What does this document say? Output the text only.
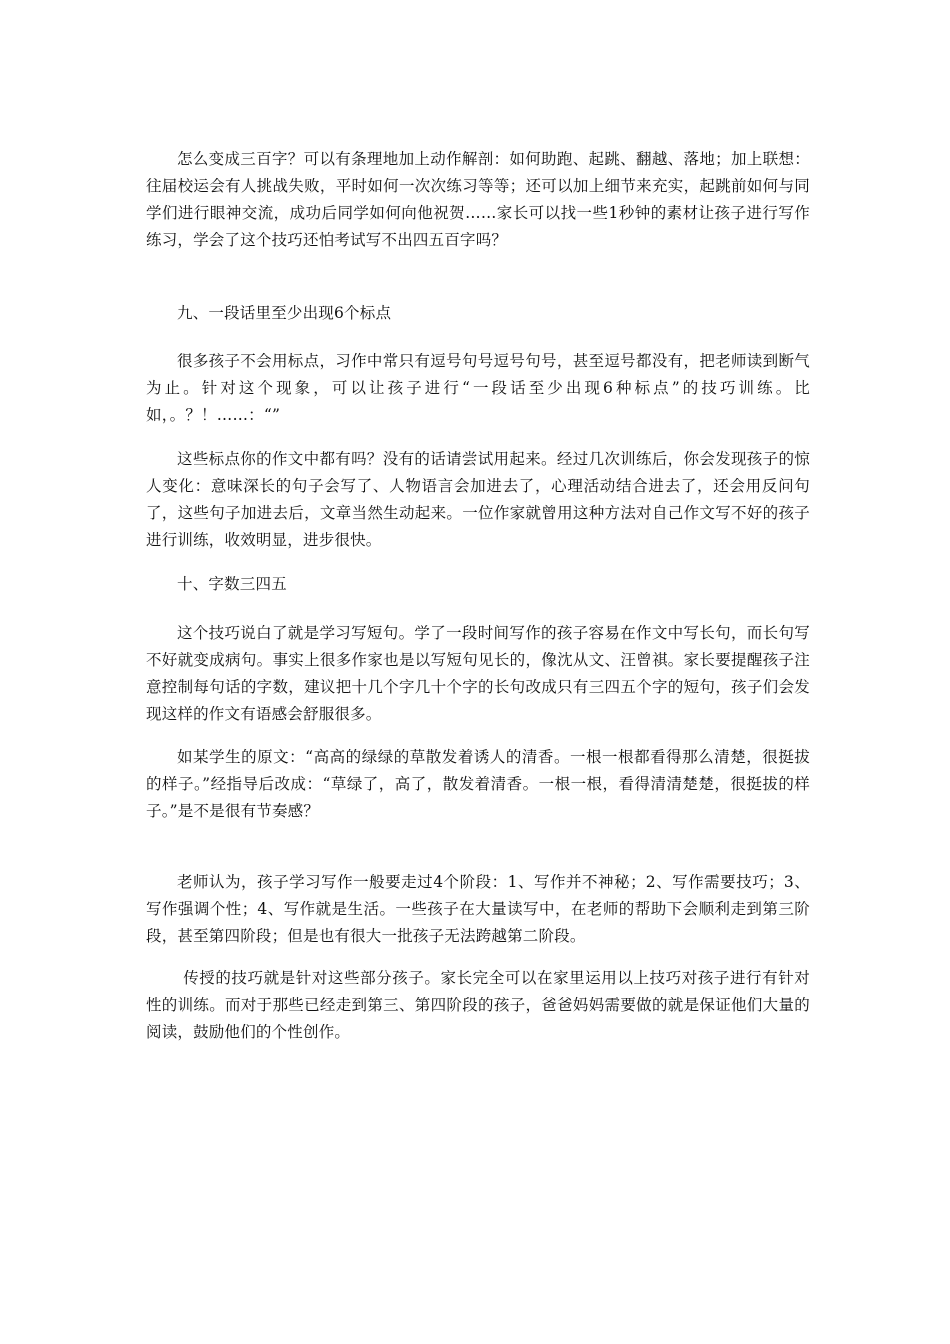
怎么变成三百字？可以有条理地加上动作解剖：如何助跑、起跳、翻越、落地；加上联想：往届校运会有人挑战失败，平时如何一次次练习等等；还可以加上细节来充实，起跳前如何与同学们进行眼神交流，成功后同学如何向他祝贺……家长可以找一些1秒钟的素材让孩子进行写作练习，学会了这个技巧还怕考试写不出四五百字吗？

九、一段话里至少出现6个标点

很多孩子不会用标点，习作中常只有逗号句号逗号句号，甚至逗号都没有，把老师读到断气为止。针对这个现象，可以让孩子进行“一段话至少出现6种标点”的技巧训练。比如，。？！……：“”

这些标点你的作文中都有吗？没有的话请尝试用起来。经过几次训练后，你会发现孩子的惊人变化：意味深长的句子会写了、人物语言会加进去了，心理活动结合进去了，还会用反问句了，这些句子加进去后，文章当然生动起来。一位作家就曾用这种方法对自己作文写不好的孩子进行训练，收效明显，进步很快。

十、字数三四五

这个技巧说白了就是学习写短句。学了一段时间写作的孩子容易在作文中写长句，而长句写不好就变成病句。事实上很多作家也是以写短句见长的，像沈从文、汪曾祺。家长要提醒孩子注意控制每句话的字数，建议把十几个字几十个字的长句改成只有三四五个字的短句，孩子们会发现这样的作文有语感会舒服很多。

如某学生的原文：“高高的绿绿的草散发着诱人的清香。一根一根都看得那么清楚，很挺拔的样子。”经指导后改成：“草绿了，高了，散发着清香。一根一根，看得清清楚楚，很挺拔的样子。”是不是很有节奏感？

老师认为，孩子学习写作一般要走过4个阶段：1、写作并不神秘；2、写作需要技巧；3、写作强调个性；4、写作就是生活。一些孩子在大量读写中，在老师的帮助下会顺利走到第三阶段，甚至第四阶段；但是也有很大一批孩子无法跨越第二阶段。

传授的技巧就是针对这些部分孩子。家长完全可以在家里运用以上技巧对孩子进行有针对性的训练。而对于那些已经走到第三、第四阶段的孩子，爸爸妈妈需要做的就是保证他们大量的阅读，鼓励他们的个性创作。
